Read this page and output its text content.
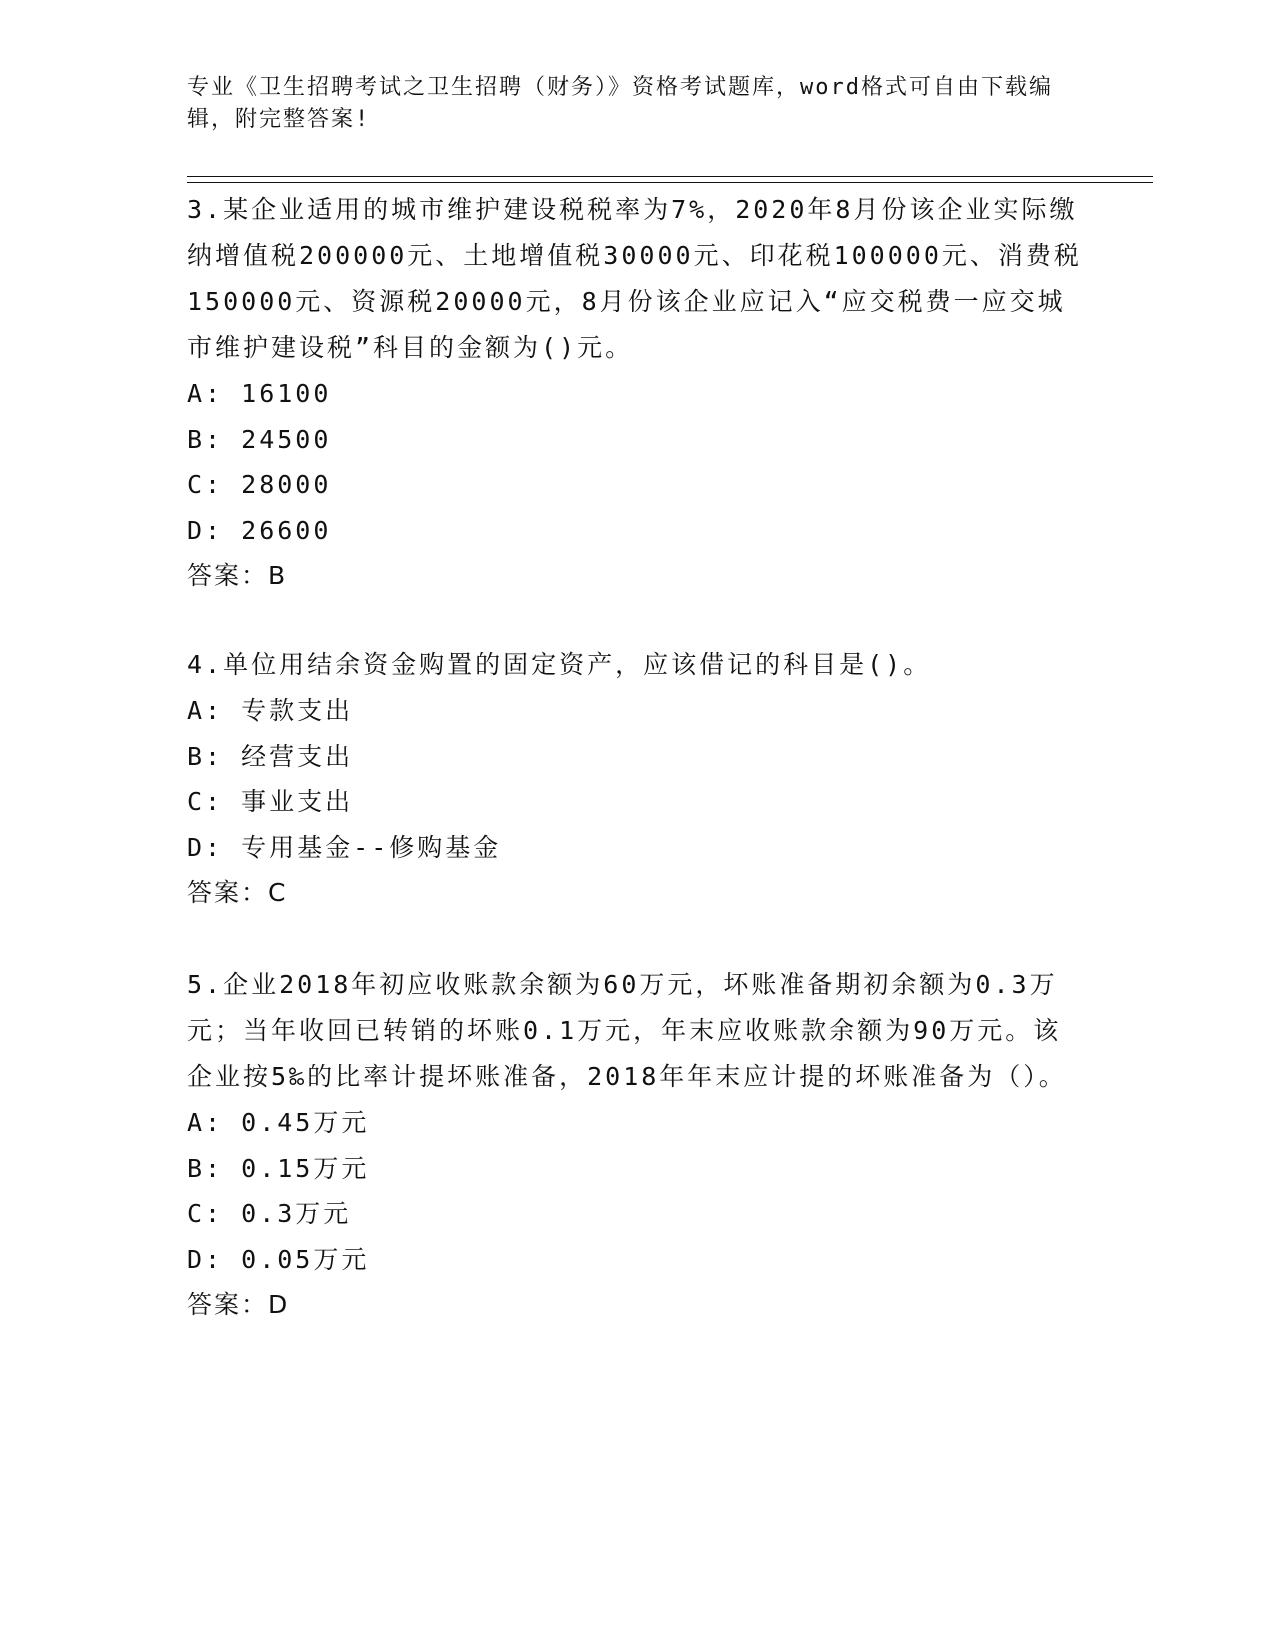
专业《卫生招聘考试之卫生招聘（财务）》资格考试题库，word格式可自由下载编辑，附完整答案!

3.某企业适用的城市维护建设税税率为7%，2020年8月份该企业实际缴纳增值税200000元、土地增值税30000元、印花税100000元、消费税150000元、资源税20000元，8月份该企业应记入“应交税费一应交城市维护建设税”科目的金额为()元。

A: 16100

B: 24500

C: 28000

D: 26600

答案：B

4.单位用结余资金购置的固定资产，应该借记的科目是()。

A: 专款支出

B: 经营支出

C: 事业支出

D: 专用基金--修购基金

答案：C

5.企业2018年初应收账款余额为60万元，坏账准备期初余额为0.3万元；当年收回已转销的坏账0.1万元，年末应收账款余额为90万元。该企业按5‰的比率计提坏账准备，2018年年末应计提的坏账准备为（）。

A: 0.45万元

B: 0.15万元

C: 0.3万元

D: 0.05万元

答案：D
